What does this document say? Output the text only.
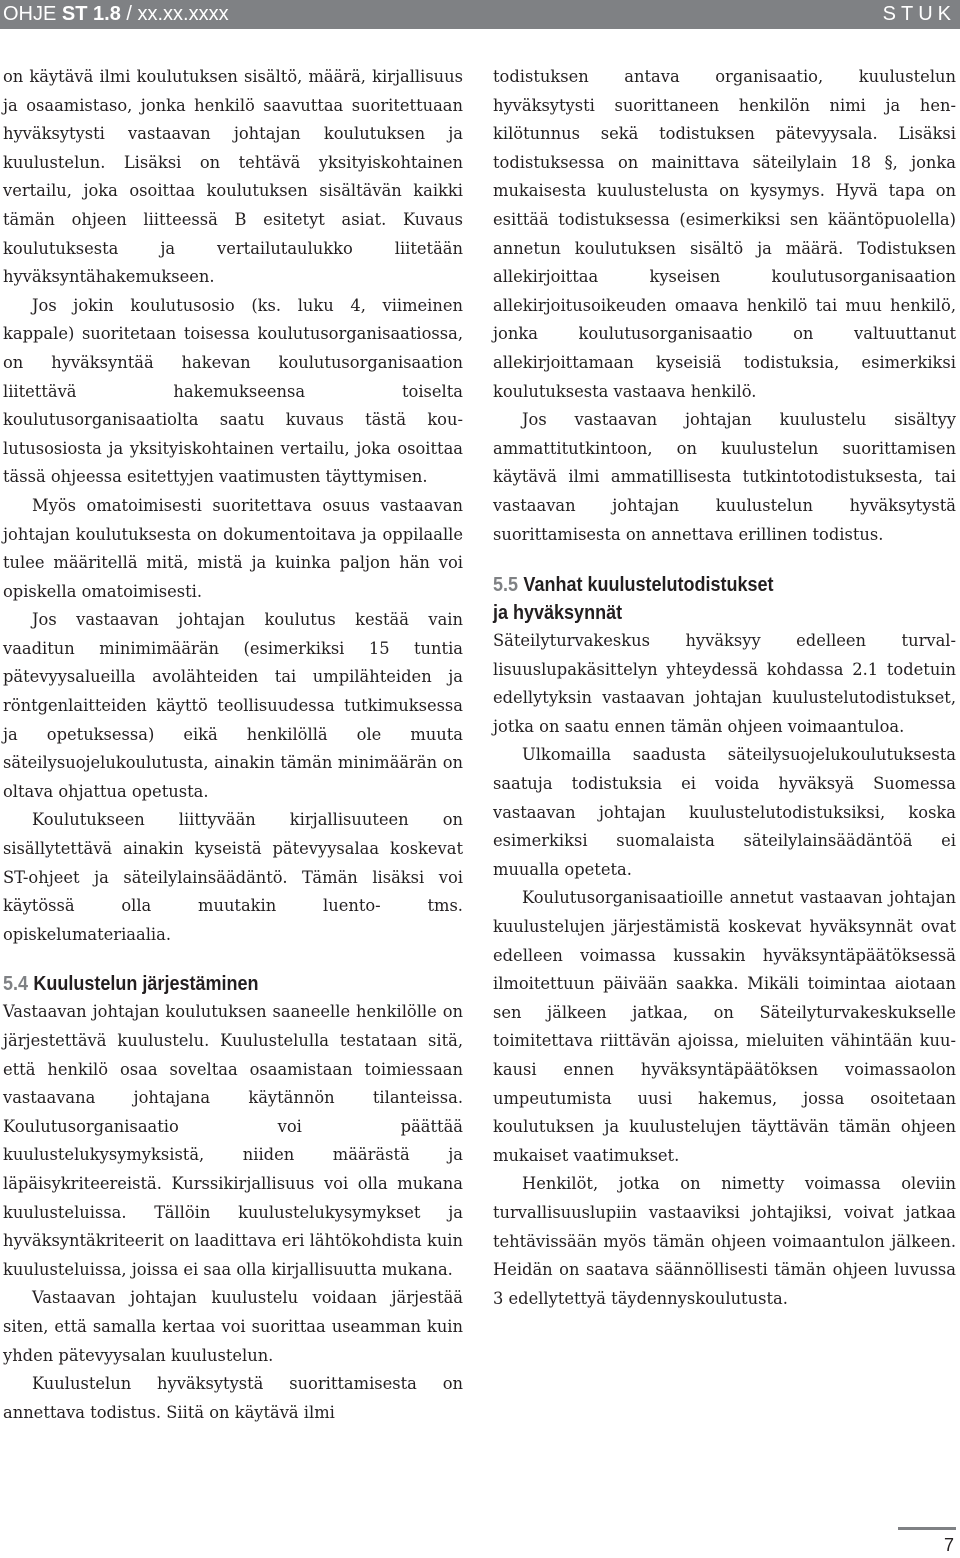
OHJE ST 1.8 / xx.xx.xxxx	STUK

on käytävä ilmi koulutuksen sisältö, määrä, kirjallisuus ja osaamistaso, jonka henkilö saavuttaa suoritettuaan hyväksytysti vastaavan johtajan koulutuksen ja kuulustelun. Lisäksi on tehtävä yksityiskohtainen vertailu, joka osoittaa koulutuksen sisältävän kaikki tämän ohjeen liitteessä B esitetyt asiat. Kuvaus koulutuksesta ja vertailutaulukko liitetään hyväksyntähakemukseen.

Jos jokin koulutusosio (ks. luku 4, viimeinen kappale) suoritetaan toisessa koulutusorganisaatiossa, on hyväksyntää hakevan koulutusorganisaation liitettävä hakemukseensa toiselta koulutusorganisaatiolta saatu kuvaus tästä koulutusosiosta ja yksityiskohtainen vertailu, joka osoittaa tässä ohjeessa esitettyjen vaatimusten täyttymisen.

Myös omatoimisesti suoritettava osuus vastaavan johtajan koulutuksesta on dokumentoitava ja oppilaalle tulee määritellä mitä, mistä ja kuinka paljon hän voi opiskella omatoimisesti.

Jos vastaavan johtajan koulutus kestää vain vaaditun minimimäärän (esimerkiksi 15 tuntia pätevyysalueilla avolähteiden tai umpilähteiden ja röntgenlaitteiden käyttö teollisuudessa tutkimuksessa ja opetuksessa) eikä henkilöllä ole muuta säteilysuojelukoulutusta, ainakin tämän minimäärän on oltava ohjattua opetusta.

Koulutukseen liittyvään kirjallisuuteen on sisällytettävä ainakin kyseistä pätevyysalaa koskevat ST-ohjeet ja säteilylainsäädäntö. Tämän lisäksi voi käytössä olla muutakin luento- tms. opiskelumateriaalia.

5.4 Kuulustelun järjestäminen

Vastaavan johtajan koulutuksen saaneelle henkilölle on järjestettävä kuulustelu. Kuulustelulla testataan sitä, että henkilö osaa soveltaa osaamistaan toimiessaan vastaavana johtajana käytännön tilanteissa. Koulutusorganisaatio voi päättää kuulustelukysymyksistä, niiden määrästä ja läpäisykriteereistä. Kurssikirjallisuus voi olla mukana kuulusteluissa. Tällöin kuulustelukysymykset ja hyväksyntäkriteerit on laadittava eri lähtökohdista kuin kuulusteluissa, joissa ei saa olla kirjallisuutta mukana.

Vastaavan johtajan kuulustelu voidaan järjestää siten, että samalla kertaa voi suorittaa useamman kuin yhden pätevyysalan kuulustelun.

Kuulustelun hyväksytystä suorittamisesta on annettava todistus. Siitä on käytävä ilmi

todistuksen antava organisaatio, kuulustelun hyväksytysti suorittaneen henkilön nimi ja henkilötunnus sekä todistuksen pätevyysala. Lisäksi todistuksessa on mainittava säteilylain 18 §, jonka mukaisesta kuulustelusta on kysymys. Hyvä tapa on esittää todistuksessa (esimerkiksi sen kääntöpuolella) annetun koulutuksen sisältö ja määrä. Todistuksen allekirjoittaa kyseisen koulutusorganisaation allekirjoitusoikeuden omaava henkilö tai muu henkilö, jonka koulutusorganisaatio on valtuuttanut allekirjoittamaan kyseisiä todistuksia, esimerkiksi koulutuksesta vastaava henkilö.

Jos vastaavan johtajan kuulustelu sisältyy ammattitutkintoon, on kuulustelun suorittamisen käytävä ilmi ammatillisesta tutkintotodistuksesta, tai vastaavan johtajan kuulustelun hyväksytystä suorittamisesta on annettava erillinen todistus.

5.5 Vanhat kuulustelutodistukset
ja hyväksynnät

Säteilyturvakeskus hyväksyy edelleen turvallisuuslupakäsittelyn yhteydessä kohdassa 2.1 todetuin edellytyksin vastaavan johtajan kuulustelutodistukset, jotka on saatu ennen tämän ohjeen voimaantuloa.

Ulkomailla saadusta säteilysuojelukoulutuksesta saatuja todistuksia ei voida hyväksyä Suomessa vastaavan johtajan kuulustelutodistuksiksi, koska esimerkiksi suomalaista säteilylainsäädäntöä ei muualla opeteta.

Koulutusorganisaatioille annetut vastaavan johtajan kuulustelujen järjestämistä koskevat hyväksynnät ovat edelleen voimassa kussakin hyväksyntäpäätöksessä ilmoitettuun päivään saakka. Mikäli toimintaa aiotaan sen jälkeen jatkaa, on Säteilyturvakeskukselle toimitettava riittävän ajoissa, mieluiten vähintään kuukausi ennen hyväksyntäpäätöksen voimassaolon umpeutumista uusi hakemus, jossa osoitetaan koulutuksen ja kuulustelujen täyttävän tämän ohjeen mukaiset vaatimukset.

Henkilöt, jotka on nimetty voimassa oleviin turvallisuuslupiin vastaaviksi johtajiksi, voivat jatkaa tehtävissään myös tämän ohjeen voimaantulon jälkeen. Heidän on saatava säännöllisesti tämän ohjeen luvussa 3 edellytettyä täydennyskoulutusta.

7
